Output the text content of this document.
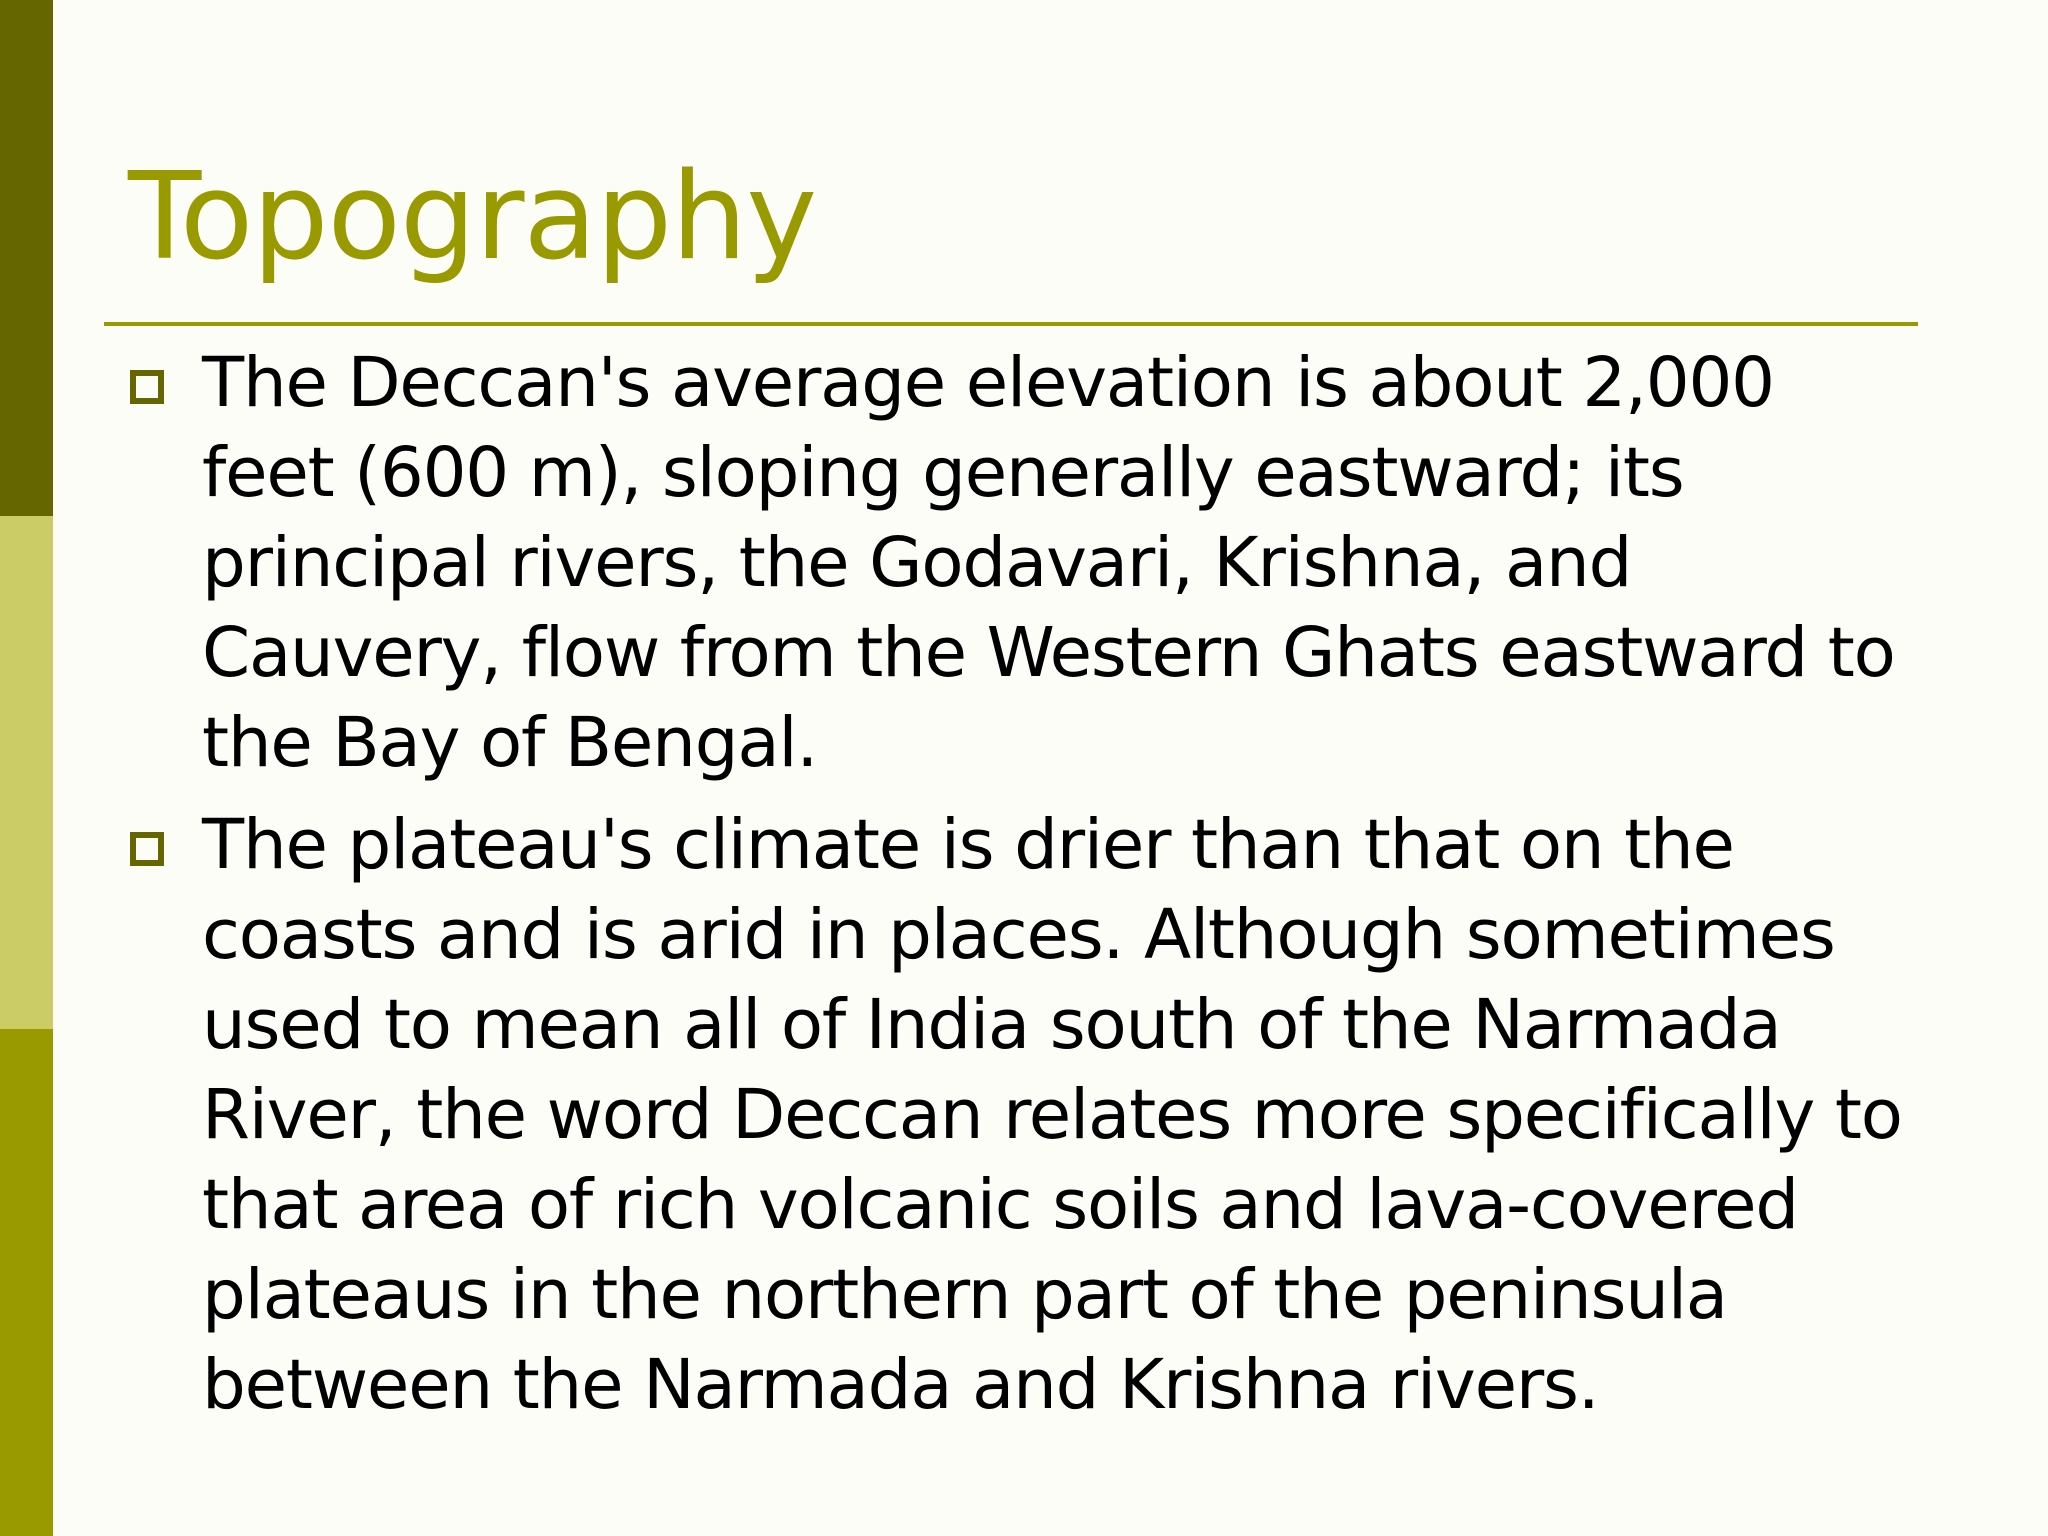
Topography
The Deccan's average elevation is about 2,000 feet (600 m), sloping generally eastward; its principal rivers, the Godavari, Krishna, and Cauvery, flow from the Western Ghats eastward to the Bay of Bengal.
The plateau's climate is drier than that on the coasts and is arid in places. Although sometimes used to mean all of India south of the Narmada River, the word Deccan relates more specifically to that area of rich volcanic soils and lava-covered plateaus in the northern part of the peninsula between the Narmada and Krishna rivers.
